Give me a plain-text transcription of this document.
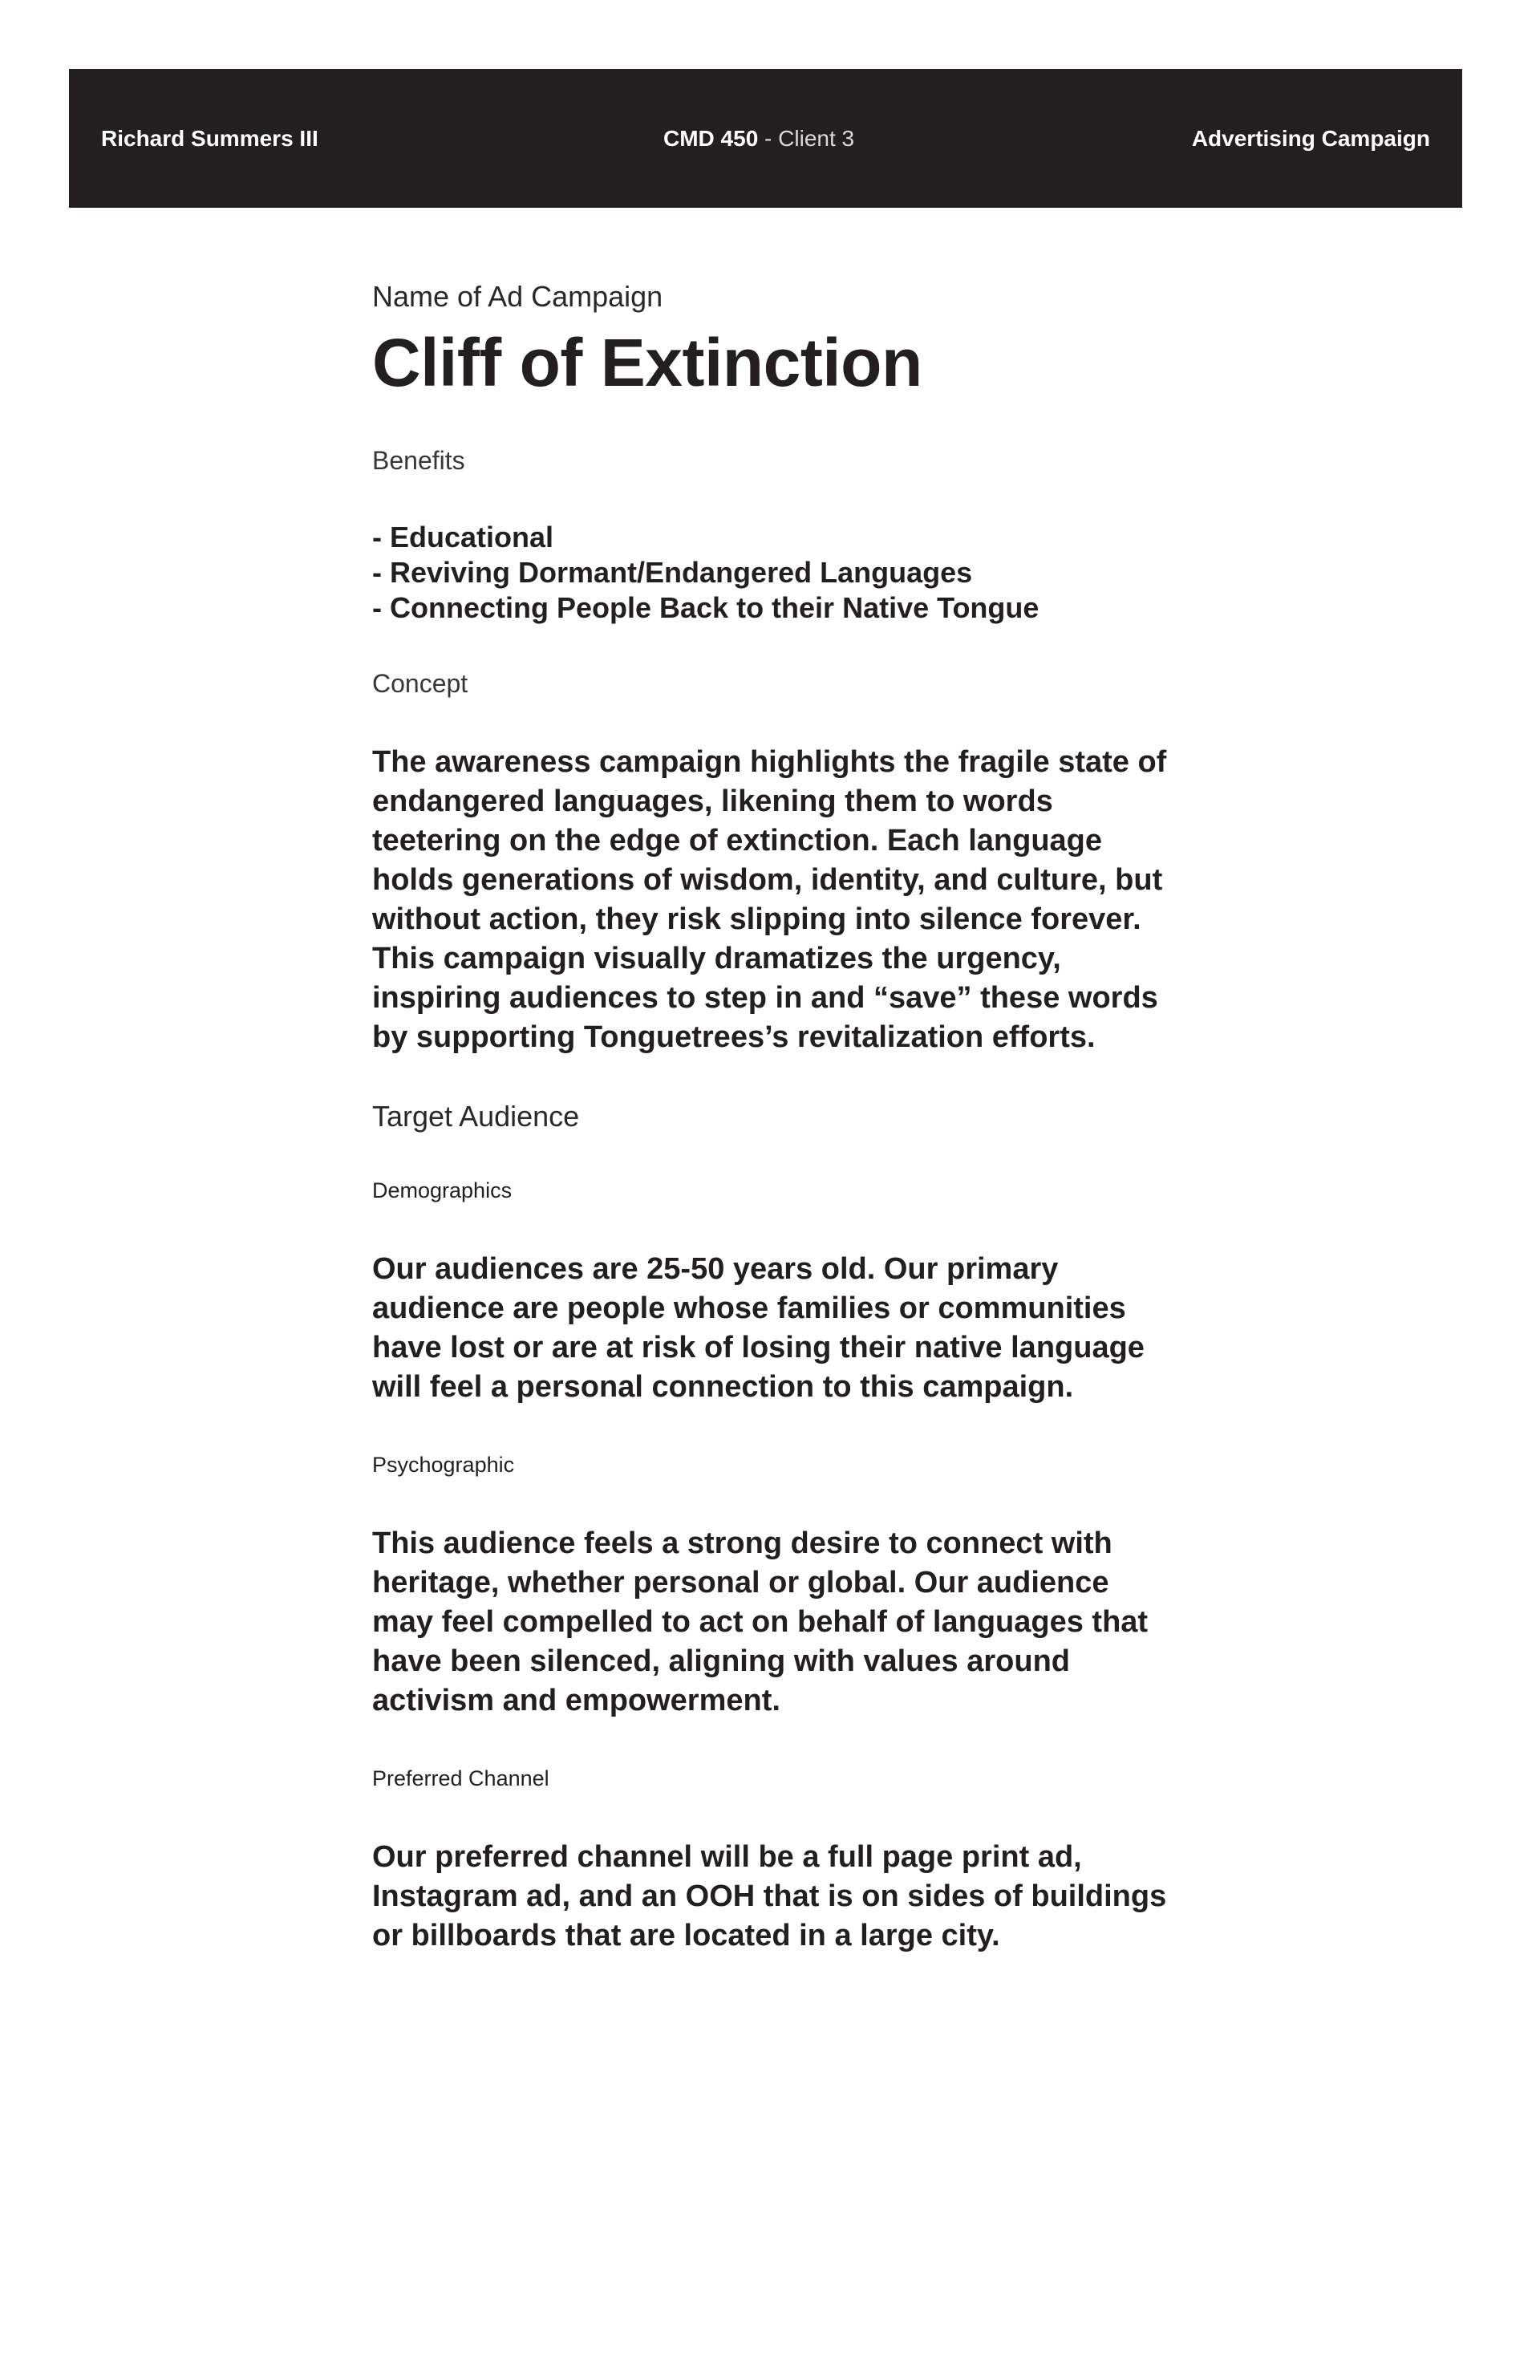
Richard Summers III	CMD 450 - Client 3	Advertising Campaign

Name of Ad Campaign

Cliff of Extinction

Benefits

- Educational
- Reviving Dormant/Endangered Languages
- Connecting People Back to their Native Tongue

Concept

The awareness campaign highlights the fragile state of endangered languages, likening them to words teetering on the edge of extinction. Each language holds generations of wisdom, identity, and culture, but without action, they risk slipping into silence forever. This campaign visually dramatizes the urgency, inspiring audiences to step in and “save” these words by supporting Tonguetrees’s revitalization efforts.

Target Audience

Demographics

Our audiences are 25-50 years old. Our primary audience are people whose families or communities have lost or are at risk of losing their native language will feel a personal connection to this campaign.

Psychographic

This audience feels a strong desire to connect with heritage, whether personal or global. Our audience may feel compelled to act on behalf of languages that have been silenced, aligning with values around activism and empowerment.

Preferred Channel

Our preferred channel will be a full page print ad, Instagram ad, and an OOH that is on sides of buildings or billboards that are located in a large city.
